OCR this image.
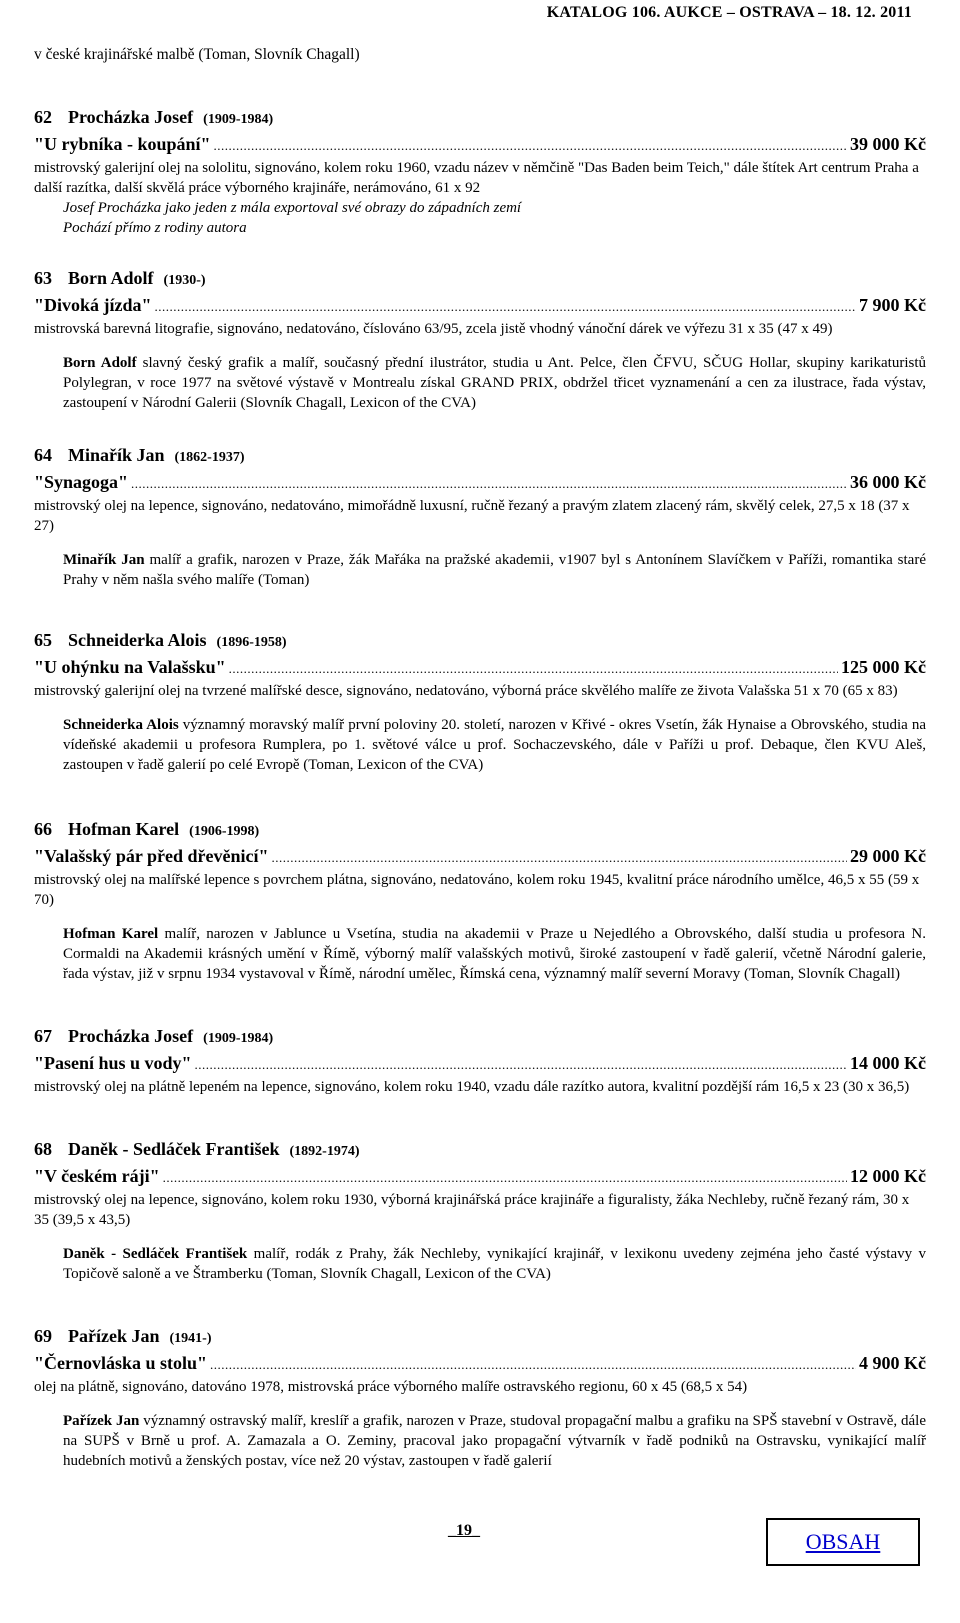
KATALOG 106. AUKCE – OSTRAVA – 18. 12. 2011
v české krajinářské malbě (Toman, Slovník Chagall)
62 Procházka Josef (1909-1984)
"U rybníka - koupání" .....	39 000 Kč
mistrovský galerijní olej na sololitu, signováno, kolem roku 1960, vzadu název v němčině "Das Baden beim Teich," dále štítek Art centrum Praha a další razítka, další skvělá práce výborného krajináře, nerámováno, 61 x 92
Josef Procházka jako jeden z mála exportoval své obrazy do západních zemí
Pochází přímo z rodiny autora
63 Born Adolf (1930-)
"Divoká jízda" .....	7 900 Kč
mistrovská barevná litografie, signováno, nedatováno, číslováno 63/95, zcela jistě vhodný vánoční dárek ve výřezu 31 x 35 (47 x 49)
Born Adolf slavný český grafik a malíř, současný přední ilustrátor, studia u Ant. Pelce, člen ČFVU, SČUG Hollar, skupiny karikaturistů Polylegran, v roce 1977 na světové výstavě v Montrealu získal GRAND PRIX, obdržel třicet vyznamenání a cen za ilustrace, řada výstav, zastoupení v Národní Galerii (Slovník Chagall, Lexicon of the CVA)
64 Minařík Jan (1862-1937)
"Synagoga" .....	36 000 Kč
mistrovský olej na lepence, signováno, nedatováno, mimořádně luxusní, ručně řezaný a pravým zlatem zlacený rám, skvělý celek, 27,5 x 18 (37 x 27)
Minařík Jan malíř a grafik, narozen v Praze, žák Mařáka na pražské akademii, v1907 byl s Antonínem Slavíčkem v Paříži, romantika staré Prahy v něm našla svého malíře (Toman)
65 Schneiderka Alois (1896-1958)
"U ohýnku na Valašsku" .....	125 000 Kč
mistrovský galerijní olej na tvrzené malířské desce, signováno, nedatováno, výborná práce skvělého malíře ze života Valašska 51 x 70 (65 x 83)
Schneiderka Alois významný moravský malíř první poloviny 20. století, narozen v Křivé - okres Vsetín, žák Hynaise a Obrovského, studia na vídeňské akademii u profesora Rumplera, po 1. světové válce u prof. Sochaczevského, dále v Paříži u prof. Debaque, člen KVU Aleš, zastoupen v řadě galerií po celé Evropě (Toman, Lexicon of the CVA)
66 Hofman Karel (1906-1998)
"Valašský pár před dřevěnicí" .....	29 000 Kč
mistrovský olej na malířské lepence s povrchem plátna, signováno, nedatováno, kolem roku 1945, kvalitní práce národního umělce, 46,5 x 55 (59 x 70)
Hofman Karel malíř, narozen v Jablunce u Vsetína, studia na akademii v Praze u Nejedlého a Obrovského, další studia u profesora N. Cormaldi na Akademii krásných umění v Římě, výborný malíř valašských motivů, široké zastoupení v řadě galerií, včetně Národní galerie, řada výstav, již v srpnu 1934 vystavoval v Římě, národní umělec, Římská cena, významný malíř severní Moravy (Toman, Slovník Chagall)
67 Procházka Josef (1909-1984)
"Pasení hus u vody" .....	14 000 Kč
mistrovský olej na plátně lepeném na lepence, signováno, kolem roku 1940, vzadu dále razítko autora, kvalitní pozdější rám 16,5 x 23 (30 x 36,5)
68 Daněk - Sedláček František (1892-1974)
"V českém ráji" .....	12 000 Kč
mistrovský olej na lepence, signováno, kolem roku 1930, výborná krajinářská práce krajináře a figuralisty, žáka Nechleby, ručně řezaný rám, 30 x 35 (39,5 x 43,5)
Daněk - Sedláček František malíř, rodák z Prahy, žák Nechleby, vynikající krajinář, v lexikonu uvedeny zejména jeho časté výstavy v Topičově saloně a ve Štramberku (Toman, Slovník Chagall, Lexicon of the CVA)
69 Pařízek Jan (1941-)
"Černovláska u stolu" .....	4 900 Kč
olej na plátně, signováno, datováno 1978, mistrovská práce výborného malíře ostravského regionu, 60 x 45 (68,5 x 54)
Pařízek Jan významný ostravský malíř, kreslíř a grafik, narozen v Praze, studoval propagační malbu a grafiku na SPŠ stavební v Ostravě, dále na SUPŠ v Brně u prof. A. Zamazala a O. Zeminy, pracoval jako propagační výtvarník v řadě podniků na Ostravsku, vynikající malíř hudebních motivů a ženských postav, více než 20 výstav, zastoupen v řadě galerií
_19_	OBSAH
